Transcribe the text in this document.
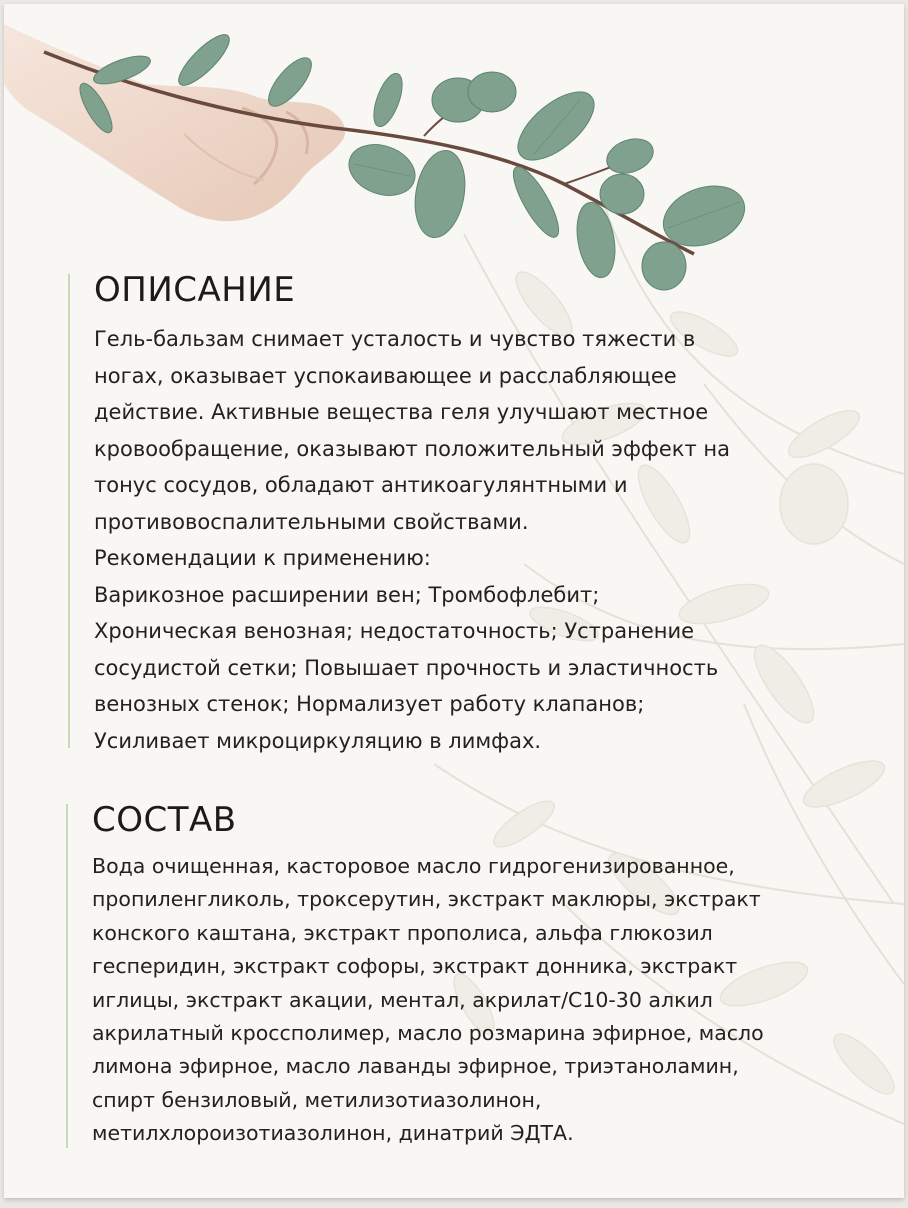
ОПИСАНИЕ

Гель-бальзам снимает усталость и чувство тяжести в
ногах, оказывает успокаивающее и расслабляющее
действие. Активные вещества геля улучшают местное
кровообращение, оказывают положительный эффект на
тонус сосудов, обладают антикоагулянтными и
противовоспалительными свойствами.
Рекомендации к применению:
Варикозное расширении вен; Тромбофлебит;
Хроническая венозная; недостаточность; Устранение
сосудистой сетки; Повышает прочность и эластичность
венозных стенок; Нормализует работу клапанов;
Усиливает микроциркуляцию в лимфах.

СОСТАВ

Вода очищенная, касторовое масло гидрогенизированное,
пропиленгликоль, троксерутин, экстракт маклюры, экстракт
конского каштана, экстракт прополиса, альфа глюкозил
гесперидин, экстракт софоры, экстракт донника, экстракт
иглицы, экстракт акации, ментал, акрилат/С10-30 алкил
акрилатный кроссполимер, масло розмарина эфирное, масло
лимона эфирное, масло лаванды эфирное, триэтаноламин,
спирт бензиловый, метилизотиазолинон,
метилхлороизотиазолинон, динатрий ЭДТА.
